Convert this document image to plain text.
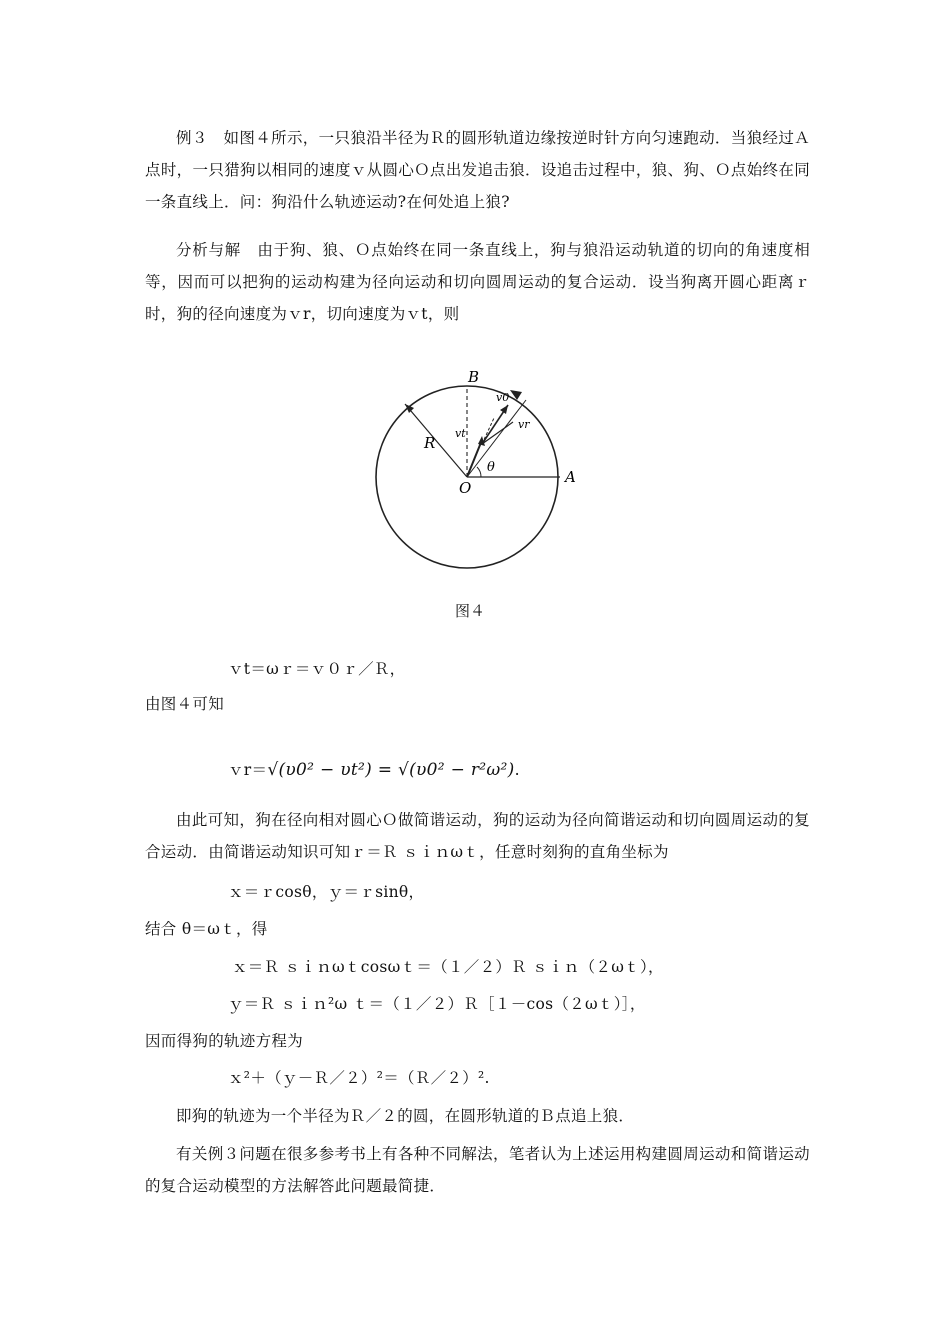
例３　如图４所示，一只狼沿半径为Ｒ的圆形轨道边缘按逆时针方向匀速跑动．当狼经过Ａ点时，一只猎狗以相同的速度ｖ从圆心Ｏ点出发追击狼．设追击过程中，狼、狗、Ｏ点始终在同一条直线上．问：狗沿什么轨迹运动?在何处追上狼?

分析与解　由于狗、狼、Ｏ点始终在同一条直线上，狗与狼沿运动轨道的切向的角速度相等，因而可以把狗的运动构建为径向运动和切向圆周运动的复合运动．设当狗离开圆心距离ｒ时，狗的径向速度为ｖr，切向速度为ｖt，则

B
A
O
R
θ
v0
vr
vt
图４
ｖt＝ωｒ＝ｖ０ｒ／Ｒ，
由图４可知
ｖr＝√(υ0² − υt²) = √(υ0² − r²ω²).

由此可知，狗在径向相对圆心Ｏ做简谐运动，狗的运动为径向简谐运动和切向圆周运动的复合运动．由简谐运动知识可知ｒ＝Ｒ ｓｉｎωｔ，任意时刻狗的直角坐标为

ｘ＝ｒcosθ，ｙ＝ｒsinθ，
结合 θ＝ωｔ，得
ｘ＝Ｒ ｓｉｎωｔcosωｔ＝（１／２）Ｒ ｓｉｎ（２ωｔ），
ｙ＝Ｒ ｓｉｎ²ω ｔ＝（１／２）Ｒ［１－cos（２ωｔ）］，
因而得狗的轨迹方程为
ｘ²＋（ｙ－Ｒ／２）²＝（Ｒ／２）².

即狗的轨迹为一个半径为Ｒ／２的圆，在圆形轨道的Ｂ点追上狼．

有关例３问题在很多参考书上有各种不同解法，笔者认为上述运用构建圆周运动和简谐运动的复合运动模型的方法解答此问题最简捷．
